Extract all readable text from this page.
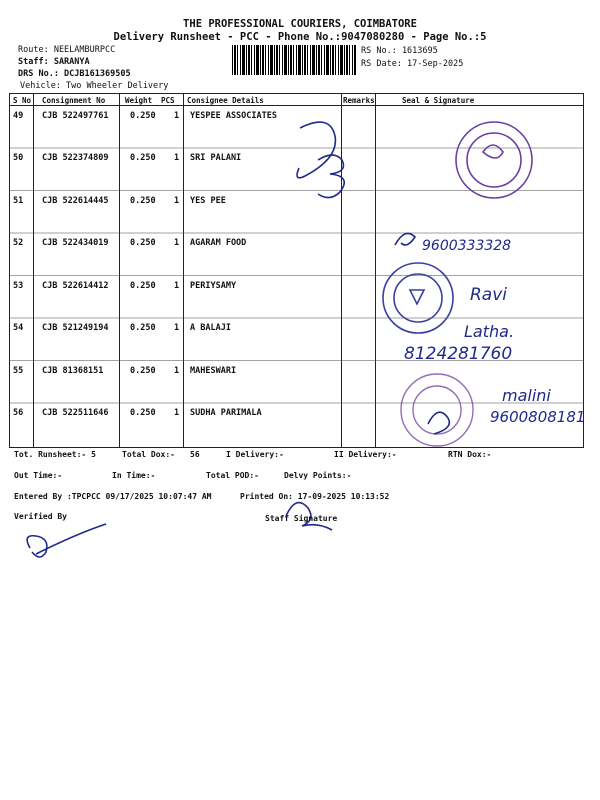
THE PROFESSIONAL COURIERS, COIMBATORE
Delivery Runsheet - PCC - Phone No.:9047080280 - Page No.:5
Route: NEELAMBURPCC
Staff: SARANYA
DRS No.: DCJB161369505
Vehicle: Two Wheeler Delivery
RS No.: 1613695
RS Date: 17-Sep-2025
S No Consignment No	Weight PCS Consignee Details	Remarks	Seal & Signature
49 CJB 522497761	0.250 1 YESPEE ASSOCIATES
50 CJB 522374809	0.250 1 SRI PALANI
51 CJB 522614445	0.250 1 YES PEE
52 CJB 522434019	0.250 1 AGARAM FOOD
53 CJB 522614412	0.250 1 PERIYSAMY
54 CJB 521249194	0.250 1 A BALAJI
55 CJB 81368151	0.250 1 MAHESWARI
56 CJB 522511646	0.250 1 SUDHA PARIMALA
9600333328
Ravi
Latha.
8124281760
malini
9600808181
Tot. Runsheet:- 5	Total Dox:- 56	I Delivery:-	II Delivery:-	RTN Dox:-
Out Time:-	In Time:-	Total POD:-	Delvy Points:-
Entered By :TPCPCC 09/17/2025 10:07:47 AM	Printed On: 17-09-2025 10:13:52
Verified By	Staff Signature
